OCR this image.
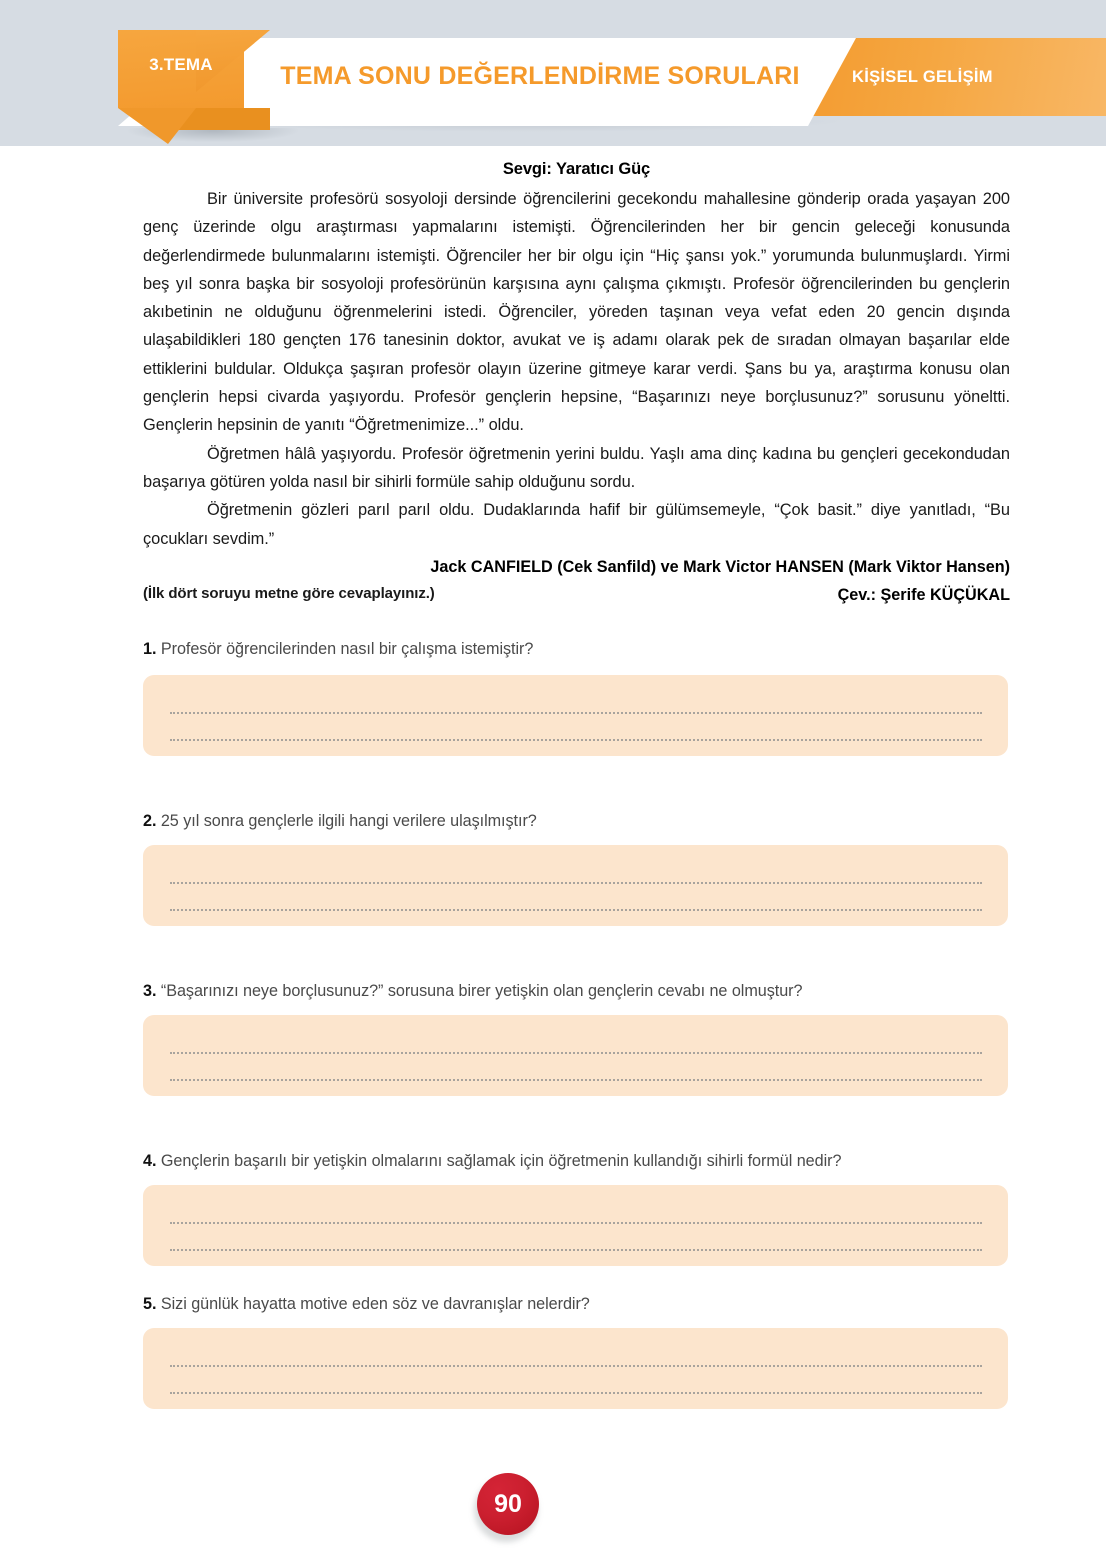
3.TEMA	TEMA SONU DEĞERLENDİRME SORULARI	KİŞİSEL GELİŞİM
Sevgi: Yaratıcı Güç

Bir üniversite profesörü sosyoloji dersinde öğrencilerini gecekondu mahallesine gönderip orada yaşayan 200 genç üzerinde olgu araştırması yapmalarını istemişti. Öğrencilerinden her bir gencin geleceği konusunda değerlendirmede bulunmalarını istemişti. Öğrenciler her bir olgu için “Hiç şansı yok.” yorumunda bulunmuşlardı. Yirmi beş yıl sonra başka bir sosyoloji profesörünün karşısına aynı çalışma çıkmıştı. Profesör öğrencilerinden bu gençlerin akıbetinin ne olduğunu öğrenmelerini istedi. Öğrenciler, yöreden taşınan veya vefat eden 20 gencin dışında ulaşabildikleri 180 gençten 176 tanesinin doktor, avukat ve iş adamı olarak pek de sıradan olmayan başarılar elde ettiklerini buldular. Oldukça şaşıran profesör olayın üzerine gitmeye karar verdi. Şans bu ya, araştırma konusu olan gençlerin hepsi civarda yaşıyordu. Profesör gençlerin hepsine, “Başarınızı neye borçlusunuz?” sorusunu yöneltti. Gençlerin hepsinin de yanıtı “Öğretmenimize...” oldu.

Öğretmen hâlâ yaşıyordu. Profesör öğretmenin yerini buldu. Yaşlı ama dinç kadına bu gençleri gecekondudan başarıya götüren yolda nasıl bir sihirli formüle sahip olduğunu sordu.

Öğretmenin gözleri parıl parıl oldu. Dudaklarında hafif bir gülümsemeyle, “Çok basit.” diye yanıtladı, “Bu çocukları sevdim.”

Jack CANFIELD (Cek Sanfild) ve Mark Victor HANSEN (Mark Viktor Hansen)
Çev.: Şerife KÜÇÜKAL
(İlk dört soruyu metne göre cevaplayınız.)
1. Profesör öğrencilerinden nasıl bir çalışma istemiştir?
2. 25 yıl sonra gençlerle ilgili hangi verilere ulaşılmıştır?
3. “Başarınızı neye borçlusunuz?” sorusuna birer yetişkin olan gençlerin cevabı ne olmuştur?
4. Gençlerin başarılı bir yetişkin olmalarını sağlamak için öğretmenin kullandığı sihirli formül nedir?
5. Sizi günlük hayatta motive eden söz ve davranışlar nelerdir?
90
